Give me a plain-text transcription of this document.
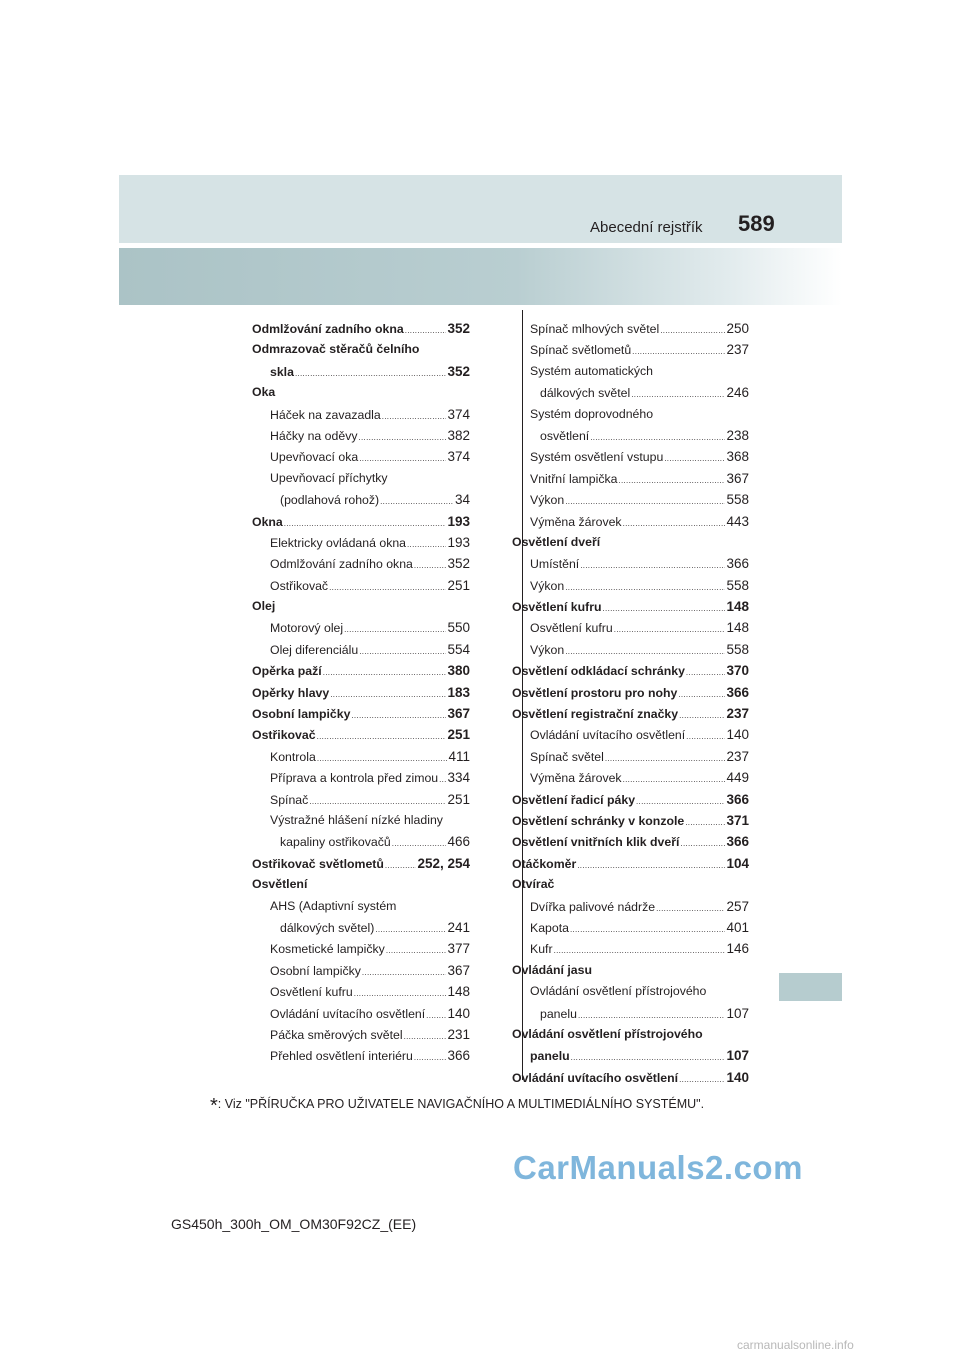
Abecední rejstřík 589
Odmlžování zadního okna .....	352
Odmrazovač stěračů čelního
skla .....	352
Oka
Háček na zavazadla .....	374
Háčky na oděvy .....	382
Upevňovací oka .....	374
Upevňovací příchytky
(podlahová rohož) .....	34
Okna .....	193
Elektricky ovládaná okna .....	193
Odmlžování zadního okna .....	352
Ostřikovač .....	251
Olej
Motorový olej .....	550
Olej diferenciálu .....	554
Opěrka paží .....	380
Opěrky hlavy .....	183
Osobní lampičky .....	367
Ostřikovač .....	251
Kontrola .....	411
Příprava a kontrola před zimou ..... 334
Spínač .....	251
Výstražné hlášení nízké hladiny
kapaliny ostřikovačů .....	466
Ostřikovač světlometů ..... 252, 254
Osvětlení
AHS (Adaptivní systém
dálkových světel) .....	241
Kosmetické lampičky .....	377
Osobní lampičky .....	367
Osvětlení kufru .....	148
Ovládání uvítacího osvětlení ..... 140
Páčka směrových světel .....	231
Přehled osvětlení interiéru .....	366
Spínač mlhových světel .....	250
Spínač světlometů .....	237
Systém automatických
dálkových světel .....	246
Systém doprovodného
osvětlení .....	238
Systém osvětlení vstupu .....	368
Vnitřní lampička .....	367
Výkon .....	558
Výměna žárovek .....	443
Osvětlení dveří
Umístění .....	366
Výkon .....	558
Osvětlení kufru .....	148
Osvětlení kufru .....	148
Výkon .....	558
Osvětlení odkládací schránky .....	370
Osvětlení prostoru pro nohy .....	366
Osvětlení registrační značky .....	237
Ovládání uvítacího osvětlení .....	140
Spínač světel .....	237
Výměna žárovek .....	449
Osvětlení řadicí páky .....	366
Osvětlení schránky v konzole .....	371
Osvětlení vnitřních klik dveří .....	366
Otáčkoměr .....	104
Otvírač
Dvířka palivové nádrže .....	257
Kapota .....	401
Kufr .....	146
Ovládání jasu
Ovládání osvětlení přístrojového
panelu .....	107
Ovládání osvětlení přístrojového
panelu .....	107
Ovládání uvítacího osvětlení .....	140
*: Viz "PŘÍRUČKA PRO UŽIVATELE NAVIGAČNÍHO A MULTIMEDIÁLNÍHO SYSTÉMU".
GS450h_300h_OM_OM30F92CZ_(EE)
CarManuals2.com
carmanualsonline.info
